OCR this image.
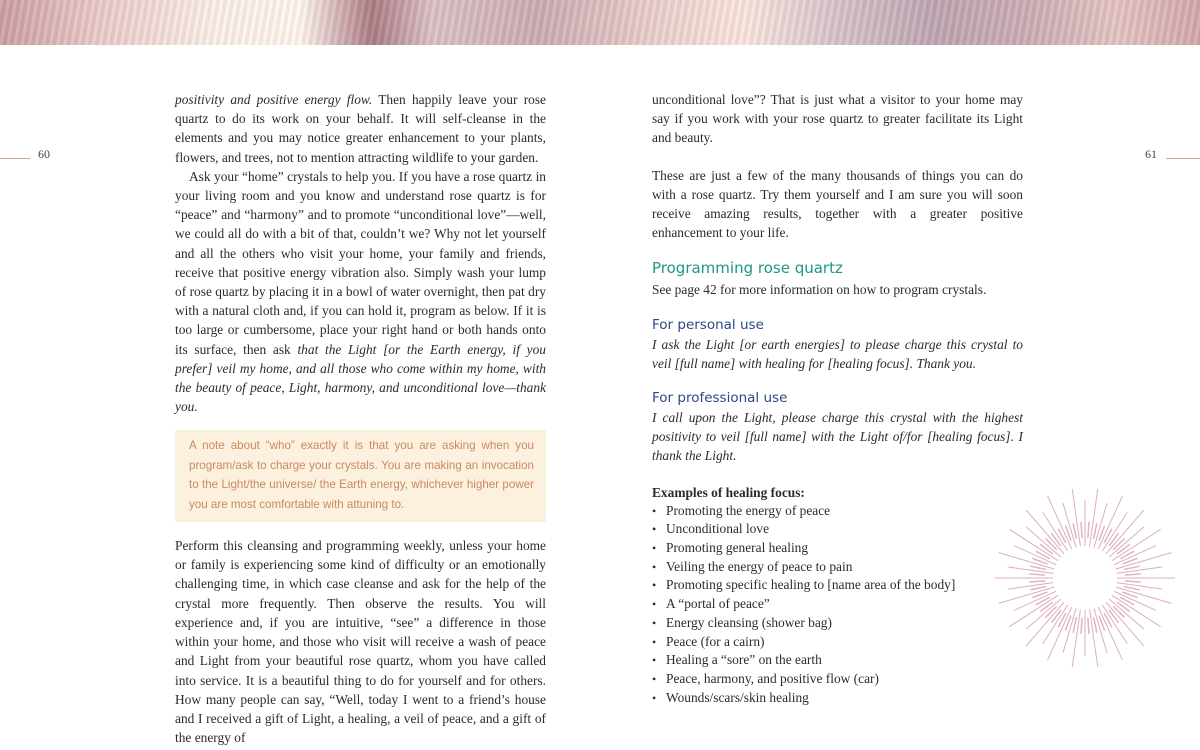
60	61

positivity and positive energy flow. Then happily leave your rose quartz to do its work on your behalf. It will self-cleanse in the elements and you may notice greater enhancement to your plants, flowers, and trees, not to mention attracting wildlife to your garden.

Ask your “home” crystals to help you. If you have a rose quartz in your living room and you know and understand rose quartz is for “peace” and “harmony” and to promote “unconditional love”—well, we could all do with a bit of that, couldn’t we? Why not let yourself and all the others who visit your home, your family and friends, receive that positive energy vibration also. Simply wash your lump of rose quartz by placing it in a bowl of water overnight, then pat dry with a natural cloth and, if you can hold it, program as below. If it is too large or cumbersome, place your right hand or both hands onto its surface, then ask that the Light [or the Earth energy, if you prefer] veil my home, and all those who come within my home, with the beauty of peace, Light, harmony, and unconditional love—thank you.

A note about “who” exactly it is that you are asking when you program/ask to charge your crystals. You are making an invocation to the Light/the universe/ the Earth energy, whichever higher power you are most comfortable with attuning to.

Perform this cleansing and programming weekly, unless your home or family is experiencing some kind of difficulty or an emotionally challenging time, in which case cleanse and ask for the help of the crystal more frequently. Then observe the results. You will experience and, if you are intuitive, “see” a difference in those within your home, and those who visit will receive a wash of peace and Light from your beautiful rose quartz, whom you have called into service. It is a beautiful thing to do for yourself and for others. How many people can say, “Well, today I went to a friend’s house and I received a gift of Light, a healing, a veil of peace, and a gift of the energy of

unconditional love”? That is just what a visitor to your home may say if you work with your rose quartz to greater facilitate its Light and beauty.

These are just a few of the many thousands of things you can do with a rose quartz. Try them yourself and I am sure you will soon receive amazing results, together with a greater positive enhancement to your life.

Programming rose quartz

See page 42 for more information on how to program crystals.

For personal use

I ask the Light [or earth energies] to please charge this crystal to veil [full name] with healing for [healing focus]. Thank you.

For professional use

I call upon the Light, please charge this crystal with the highest positivity to veil [full name] with the Light of/for [healing focus]. I thank the Light.

Examples of healing focus:

• Promoting the energy of peace
• Unconditional love
• Promoting general healing
• Veiling the energy of peace to pain
• Promoting specific healing to [name area of the body]
• A “portal of peace”
• Energy cleansing (shower bag)
• Peace (for a cairn)
• Healing a “sore” on the earth
• Peace, harmony, and positive flow (car)
• Wounds/scars/skin healing
